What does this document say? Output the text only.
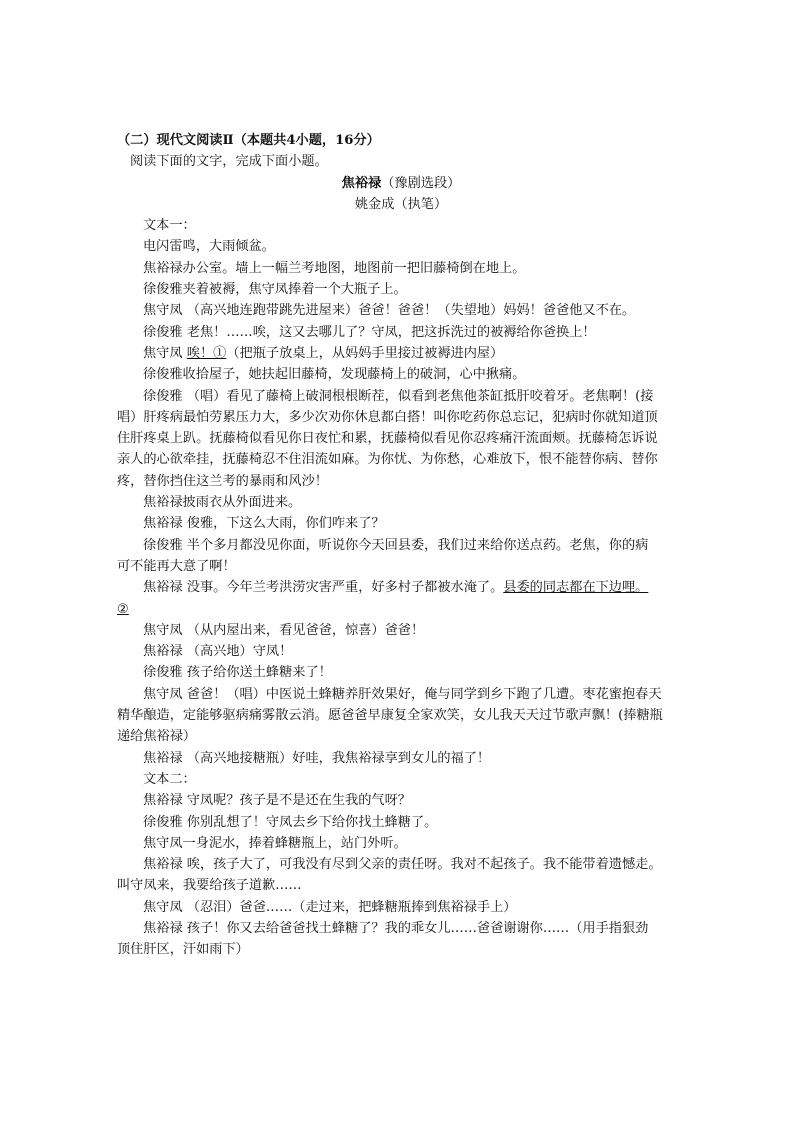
（二）现代文阅读Ⅱ（本题共4小题，16分）
阅读下面的文字，完成下面小题。
焦裕禄（豫剧选段）
姚金成（执笔）
文本一：
电闪雷鸣，大雨倾盆。
焦裕禄办公室。墙上一幅兰考地图，地图前一把旧藤椅倒在地上。
徐俊雅夹着被褥，焦守凤捧着一个大瓶子上。
焦守凤 （高兴地连跑带跳先进屋来）爸爸！爸爸！（失望地）妈妈！爸爸他又不在。
徐俊雅 老焦！……唉，这又去哪儿了？守凤，把这拆洗过的被褥给你爸换上！
焦守凤 唉！①（把瓶子放桌上，从妈妈手里接过被褥进内屋）
徐俊雅收拾屋子，她扶起旧藤椅，发现藤椅上的破洞，心中揪痛。
徐俊雅 （唱）看见了藤椅上破洞根根断茬，似看到老焦他茶缸抵肝咬着牙。老焦啊！(接
唱）肝疼病最怕劳累压力大，多少次劝你休息都白搭！叫你吃药你总忘记，犯病时你就知道顶
住肝疼桌上趴。抚藤椅似看见你日夜忙和累，抚藤椅似看见你忍疼痛汗流面颊。抚藤椅怎诉说
亲人的心欲牵挂，抚藤椅忍不住泪流如麻。为你忧、为你愁，心难放下，恨不能替你病、替你
疼，替你挡住这兰考的暴雨和风沙！
焦裕禄披雨衣从外面进来。
焦裕禄 俊雅，下这么大雨，你们咋来了？
徐俊雅 半个多月都没见你面，听说你今天回县委，我们过来给你送点药。老焦，你的病
可不能再大意了啊！
焦裕禄 没事。今年兰考洪涝灾害严重，好多村子都被水淹了。县委的同志都在下边哩。
②
焦守凤 （从内屋出来，看见爸爸，惊喜）爸爸！
焦裕禄 （高兴地）守凤！
徐俊雅 孩子给你送土蜂糖来了！
焦守凤 爸爸！（唱）中医说土蜂糖养肝效果好，俺与同学到乡下跑了几遭。枣花蜜抱春天
精华酿造，定能够驱病痛雾散云消。愿爸爸早康复全家欢笑，女儿我天天过节歌声飘！(捧糖瓶
递给焦裕禄）
焦裕禄 （高兴地接糖瓶）好哇，我焦裕禄享到女儿的福了！
文本二：
焦裕禄 守凤呢？孩子是不是还在生我的气呀？
徐俊雅 你别乱想了！守凤去乡下给你找土蜂糖了。
焦守凤一身泥水，捧着蜂糖瓶上，站门外听。
焦裕禄 唉，孩子大了，可我没有尽到父亲的责任呀。我对不起孩子。我不能带着遗憾走。
叫守凤来，我要给孩子道歉……
焦守凤 （忍泪）爸爸……（走过来，把蜂糖瓶捧到焦裕禄手上）
焦裕禄 孩子！你又去给爸爸找土蜂糖了？我的乖女儿……爸爸谢谢你……（用手指狠劲
顶住肝区，汗如雨下）
